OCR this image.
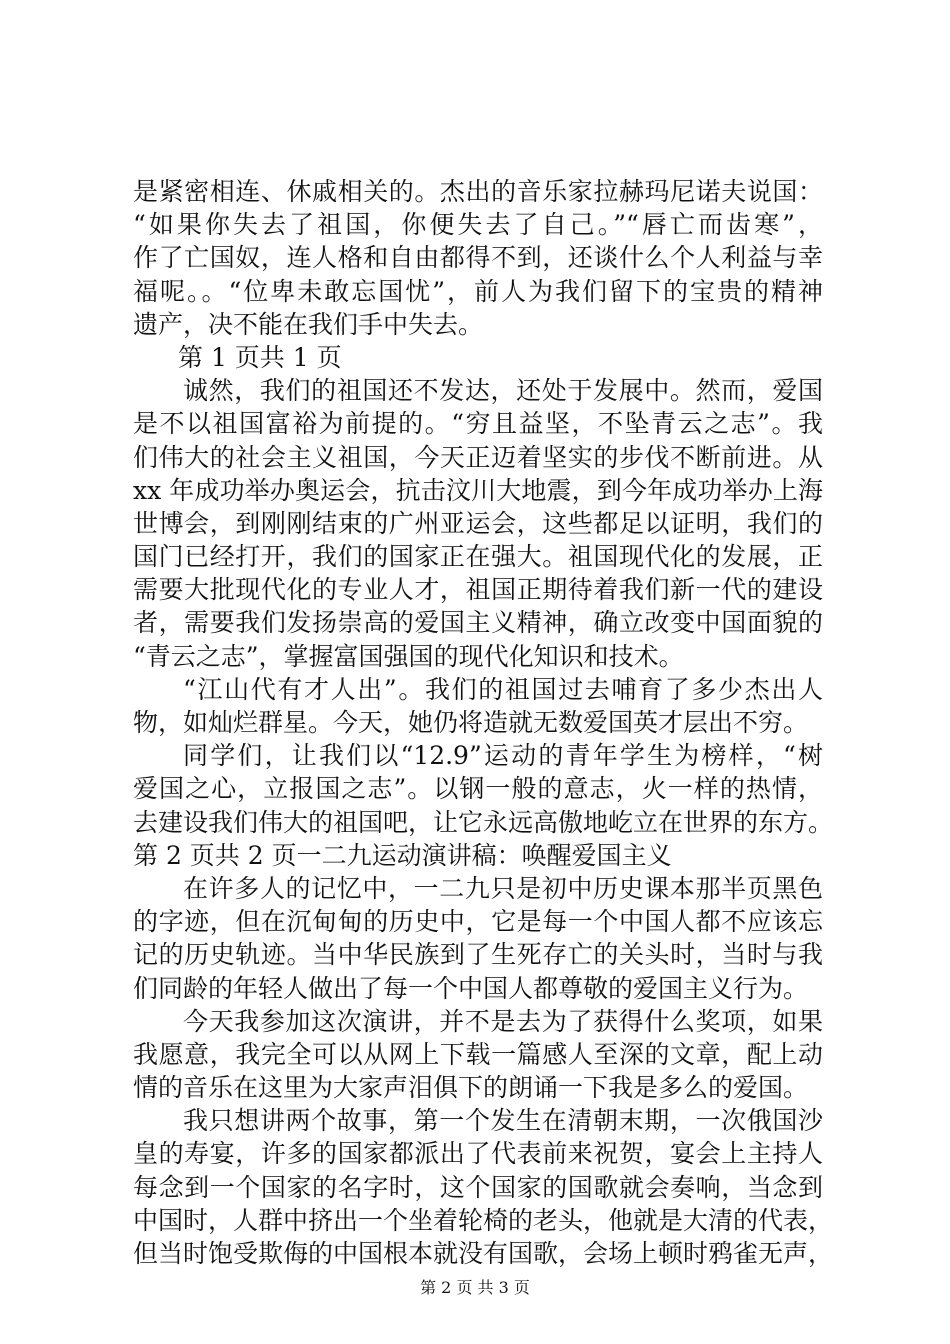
是紧密相连、休戚相关的。杰出的音乐家拉赫玛尼诺夫说国：
“如果你失去了祖国，你便失去了自己。”“唇亡而齿寒”，
作了亡国奴，连人格和自由都得不到，还谈什么个人利益与幸
福呢。。“位卑未敢忘国忧”，前人为我们留下的宝贵的精神
遗产，决不能在我们手中失去。
第 1 页共 1 页
诚然，我们的祖国还不发达，还处于发展中。然而，爱国
是不以祖国富裕为前提的。“穷且益坚，不坠青云之志”。我
们伟大的社会主义祖国，今天正迈着坚实的步伐不断前进。从
xx 年成功举办奥运会，抗击汶川大地震，到今年成功举办上海
世博会，到刚刚结束的广州亚运会，这些都足以证明，我们的
国门已经打开，我们的国家正在强大。祖国现代化的发展，正
需要大批现代化的专业人才，祖国正期待着我们新一代的建设
者，需要我们发扬崇高的爱国主义精神，确立改变中国面貌的
“青云之志”，掌握富国强国的现代化知识和技术。
“江山代有才人出”。我们的祖国过去哺育了多少杰出人
物，如灿烂群星。今天，她仍将造就无数爱国英才层出不穷。
同学们，让我们以“12.9”运动的青年学生为榜样，“树
爱国之心，立报国之志”。以钢一般的意志，火一样的热情，
去建设我们伟大的祖国吧，让它永远高傲地屹立在世界的东方。
第 2 页共 2 页一二九运动演讲稿：唤醒爱国主义
在许多人的记忆中，一二九只是初中历史课本那半页黑色
的字迹，但在沉甸甸的历史中，它是每一个中国人都不应该忘
记的历史轨迹。当中华民族到了生死存亡的关头时，当时与我
们同龄的年轻人做出了每一个中国人都尊敬的爱国主义行为。
今天我参加这次演讲，并不是去为了获得什么奖项，如果
我愿意，我完全可以从网上下载一篇感人至深的文章，配上动
情的音乐在这里为大家声泪俱下的朗诵一下我是多么的爱国。
我只想讲两个故事，第一个发生在清朝末期，一次俄国沙
皇的寿宴，许多的国家都派出了代表前来祝贺，宴会上主持人
每念到一个国家的名字时，这个国家的国歌就会奏响，当念到
中国时，人群中挤出一个坐着轮椅的老头，他就是大清的代表，
但当时饱受欺侮的中国根本就没有国歌，会场上顿时鸦雀无声，
第 2 页 共 3 页
